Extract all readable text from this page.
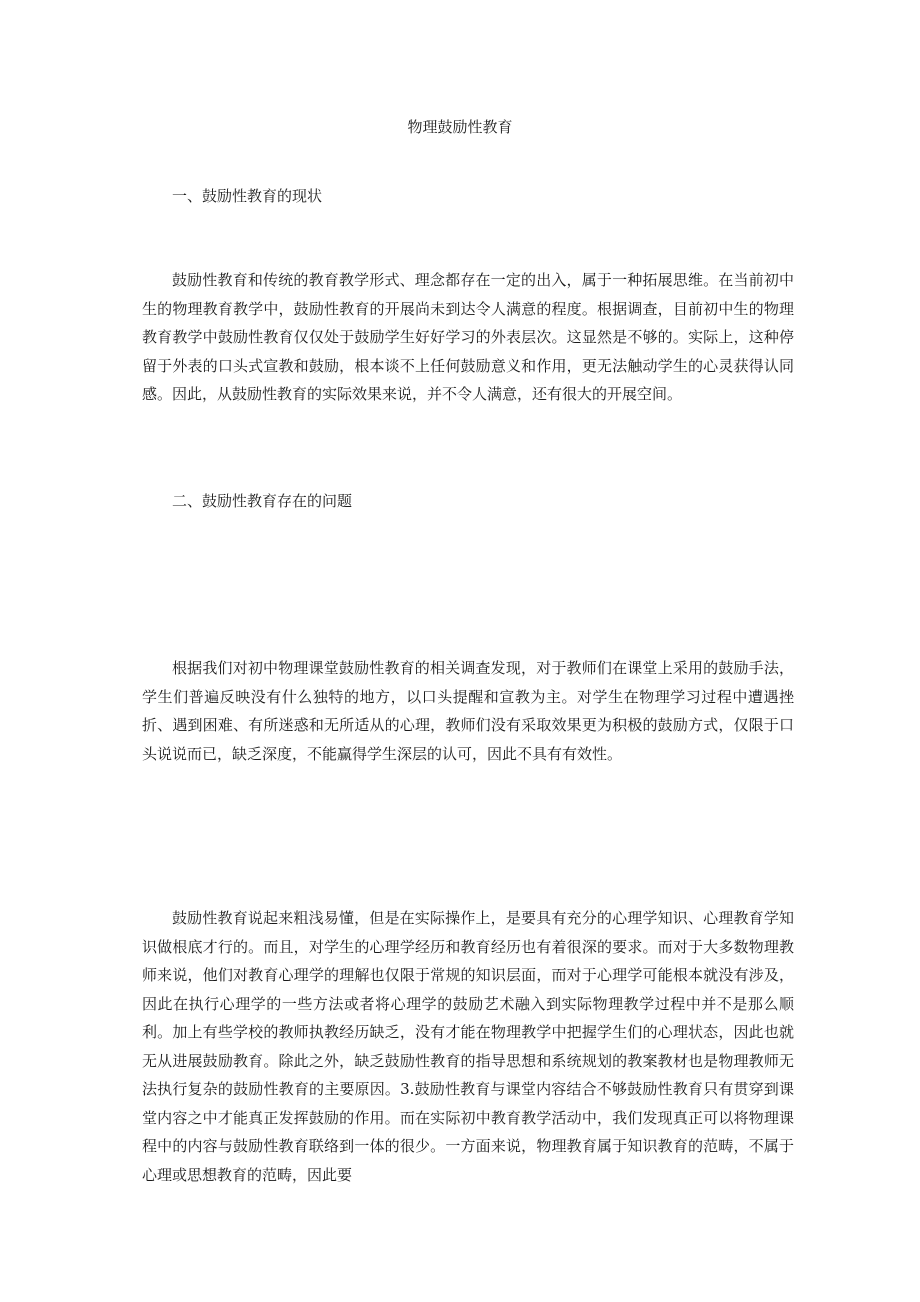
物理鼓励性教育
一、鼓励性教育的现状

鼓励性教育和传统的教育教学形式、理念都存在一定的出入，属于一种拓展思维。在当前初中生的物理教育教学中，鼓励性教育的开展尚未到达令人满意的程度。根据调查，目前初中生的物理教育教学中鼓励性教育仅仅处于鼓励学生好好学习的外表层次。这显然是不够的。实际上，这种停留于外表的口头式宣教和鼓励，根本谈不上任何鼓励意义和作用，更无法触动学生的心灵获得认同感。因此，从鼓励性教育的实际效果来说，并不令人满意，还有很大的开展空间。

二、鼓励性教育存在的问题

根据我们对初中物理课堂鼓励性教育的相关调查发现，对于教师们在课堂上采用的鼓励手法，学生们普遍反映没有什么独特的地方，以口头提醒和宣教为主。对学生在物理学习过程中遭遇挫折、遇到困难、有所迷惑和无所适从的心理，教师们没有采取效果更为积极的鼓励方式，仅限于口头说说而已，缺乏深度，不能赢得学生深层的认可，因此不具有有效性。

鼓励性教育说起来粗浅易懂，但是在实际操作上，是要具有充分的心理学知识、心理教育学知识做根底才行的。而且，对学生的心理学经历和教育经历也有着很深的要求。而对于大多数物理教师来说，他们对教育心理学的理解也仅限于常规的知识层面，而对于心理学可能根本就没有涉及，因此在执行心理学的一些方法或者将心理学的鼓励艺术融入到实际物理教学过程中并不是那么顺利。加上有些学校的教师执教经历缺乏，没有才能在物理教学中把握学生们的心理状态，因此也就无从进展鼓励教育。除此之外，缺乏鼓励性教育的指导思想和系统规划的教案教材也是物理教师无法执行复杂的鼓励性教育的主要原因。3.鼓励性教育与课堂内容结合不够鼓励性教育只有贯穿到课堂内容之中才能真正发挥鼓励的作用。而在实际初中教育教学活动中，我们发现真正可以将物理课程中的内容与鼓励性教育联络到一体的很少。一方面来说，物理教育属于知识教育的范畴，不属于心理或思想教育的范畴，因此要
